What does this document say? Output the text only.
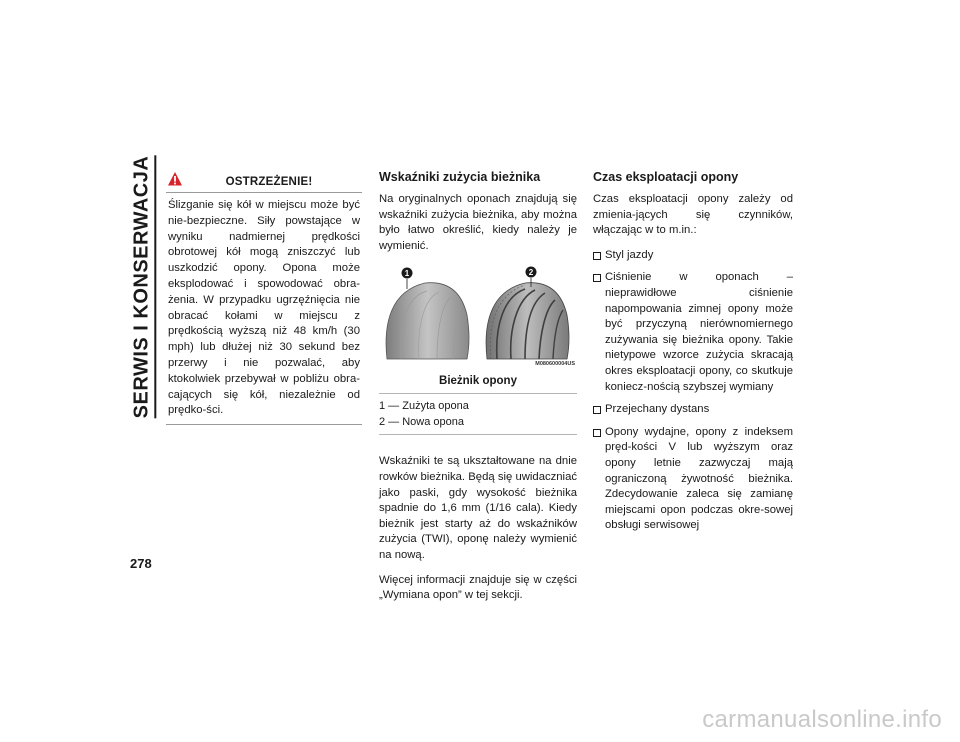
SERWIS I KONSERWACJA
278
OSTRZEŻENIE!
Ślizganie się kół w miejscu może być nie-bezpieczne. Siły powstające w wyniku nadmiernej prędkości obrotowej kół mogą zniszczyć lub uszkodzić opony. Opona może eksplodować i spowodować obra-żenia. W przypadku ugrzęźnięcia nie obracać kołami w miejscu z prędkością wyższą niż 48 km/h (30 mph) lub dłużej niż 30 sekund bez przerwy i nie pozwalać, aby ktokolwiek przebywał w pobliżu obra-cających się kół, niezależnie od prędko-ści.
Wskaźniki zużycia bieżnika

Na oryginalnych oponach znajdują się wskaźniki zużycia bieżnika, aby można było łatwo określić, kiedy należy je wymienić.

1	2
M080600004US
Bieżnik opony
1 — Zużyta opona
2 — Nowa opona

Wskaźniki te są ukształtowane na dnie rowków bieżnika. Będą się uwidaczniać jako paski, gdy wysokość bieżnika spadnie do 1,6 mm (1/16 cala). Kiedy bieżnik jest starty aż do wskaźników zużycia (TWI), oponę należy wymienić na nową.

Więcej informacji znajduje się w części „Wymiana opon” w tej sekcji.

Czas eksploatacji opony

Czas eksploatacji opony zależy od zmienia-jących się czynników, włączając w to m.in.:

Styl jazdy
Ciśnienie w oponach – nieprawidłowe ciśnienie napompowania zimnej opony może być przyczyną nierównomiernego zużywania się bieżnika opony. Takie nietypowe wzorce zużycia skracają okres eksploatacji opony, co skutkuje koniecz-nością szybszej wymiany
Przejechany dystans
Opony wydajne, opony z indeksem pręd-kości V lub wyższym oraz opony letnie zazwyczaj mają ograniczoną żywotność bieżnika. Zdecydowanie zaleca się zamianę miejscami opon podczas okre-sowej obsługi serwisowej
carmanualsonline.info
